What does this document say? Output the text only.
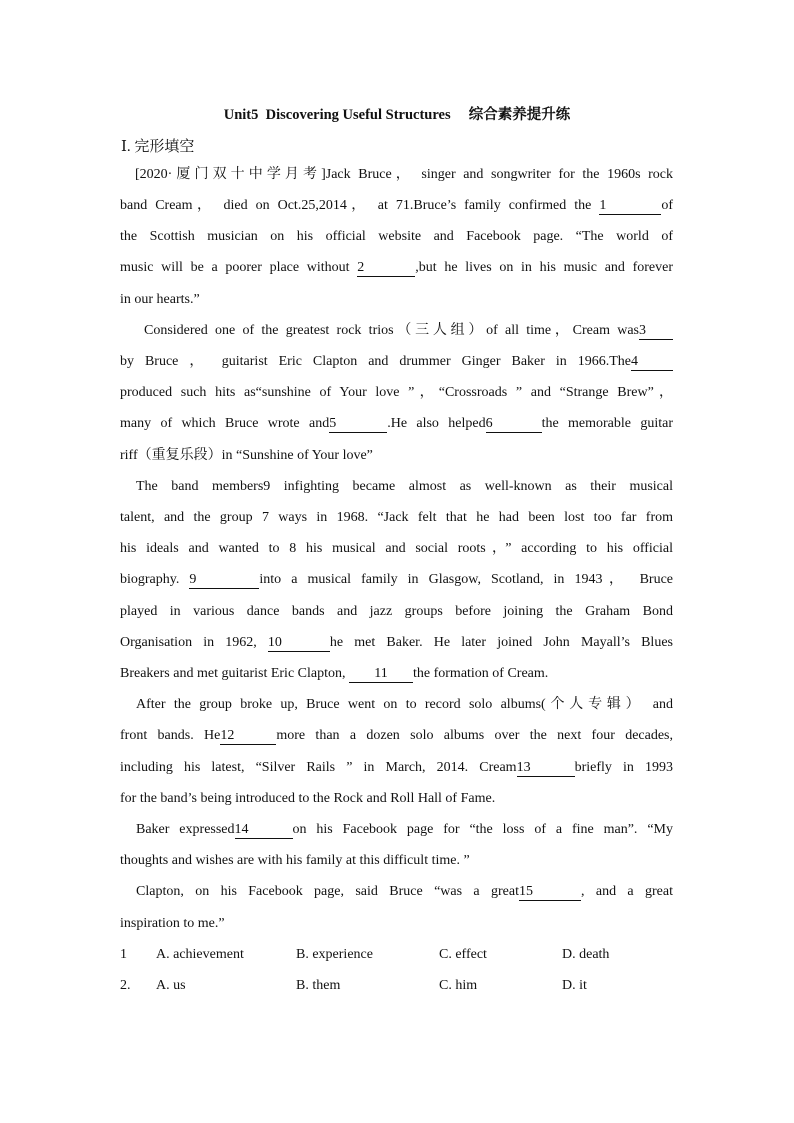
Unit5  Discovering Useful Structures     综合素养提升练
Ⅰ. 完形填空
[2020·厦门双十中学月考]Jack Bruce， singer and songwriter for the 1960s rock
band Cream， died on Oct.25,2014， at 71.Bruce’s family confirmed the 1	of
the Scottish musician on his official website and Facebook page. “The world of
music will be a poorer place without 2	,but he lives on in his music and forever
in our hearts.”
Considered one of the greatest rock trios（三人组）of all time，Cream was3
by Bruce ， guitarist Eric Clapton and drummer Ginger Baker in 1966.The4
produced such hits as“sunshine of Your love ”，“Crossroads ” and “Strange Brew”，
many of which Bruce wrote and5	.He also helped6	the memorable guitar
riff（重复乐段）in “Sunshine of Your love”
The band members9 infighting became almost as well-known as their musical
talent, and the group 7 ways in 1968. “Jack felt that he had been lost too far from
his ideals and wanted to 8 his musical and social roots，” according to his official
biography. 9	into a musical family in Glasgow, Scotland, in 1943， Bruce
played in various dance bands and jazz groups before joining the Graham Bond
Organisation in 1962, 10	he met Baker. He later joined John Mayall’s Blues
Breakers and met guitarist Eric Clapton, 11 the formation of Cream.
After the group broke up, Bruce went on to record solo albums(个人专辑） and
front bands. He12	more than a dozen solo albums over the next four decades,
including his latest, “Silver Rails ” in March, 2014. Cream13	briefly in 1993
for the band’s being introduced to the Rock and Roll Hall of Fame.
Baker expressed14	on his Facebook page for “the loss of a fine man”. “My
thoughts and wishes are with his family at this difficult time. ”
Clapton, on his Facebook page, said Bruce “was a great15	, and a great
inspiration to me.”
1 A. achievement	B. experience	C. effect	D. death
2. A. us	B. them	C. him	D. it
